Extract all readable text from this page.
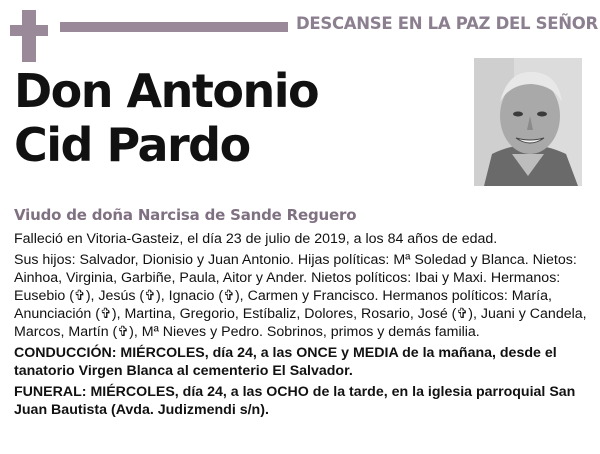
DESCANSE EN LA PAZ DEL SEÑOR
Don Antonio
Cid Pardo
Viudo de doña Narcisa de Sande Reguero

Falleció en Vitoria-Gasteiz, el día 23 de julio de 2019, a los 84 años de edad.

Sus hijos: Salvador, Dionisio y Juan Antonio. Hijas políticas: Mª Soledad y Blanca. Nietos: Ainhoa, Virginia, Garbiñe, Paula, Aitor y Ander. Nietos políticos: Ibai y Maxi. Hermanos: Eusebio (✞), Jesús (✞), Ignacio (✞), Carmen y Francisco. Hermanos políticos: María, Anunciación (✞), Martina, Gregorio, Estíbaliz, Dolores, Rosario, José (✞), Juani y Candela, Marcos, Martín (✞), Mª Nieves y Pedro. Sobrinos, primos y demás familia.

CONDUCCIÓN: MIÉRCOLES, día 24, a las ONCE y MEDIA de la mañana, desde el tanatorio Virgen Blanca al cementerio El Salvador.

FUNERAL: MIÉRCOLES, día 24, a las OCHO de la tarde, en la iglesia parroquial San Juan Bautista (Avda. Judizmendi s/n).
